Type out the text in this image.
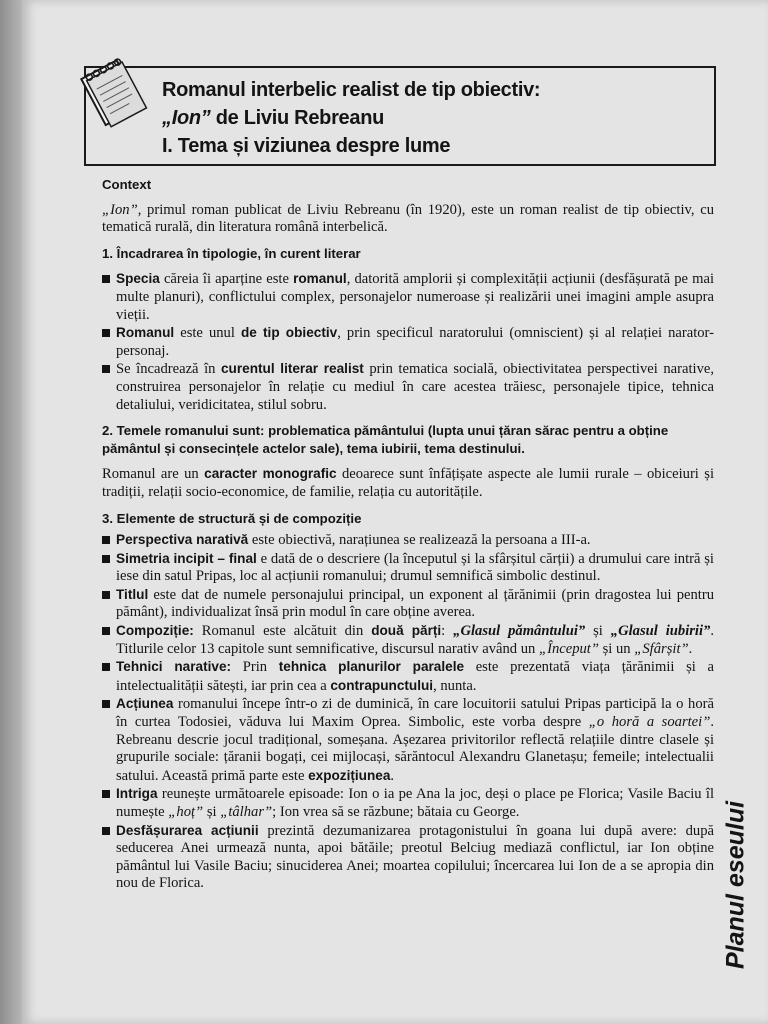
Romanul interbelic realist de tip obiectiv:
„Ion” de Liviu Rebreanu
I. Tema și viziunea despre lume
Context

„Ion”, primul roman publicat de Liviu Rebreanu (în 1920), este un roman realist de tip obiectiv, cu tematică rurală, din literatura română interbelică.

1. Încadrarea în tipologie, în curent literar
Specia căreia îi aparține este romanul, datorită amplorii și complexității acțiunii (desfășurată pe mai multe planuri), conflictului complex, personajelor numeroase și realizării unei imagini ample asupra vieții.
Romanul este unul de tip obiectiv, prin specificul naratorului (omniscient) și al relației narator-personaj.
Se încadrează în curentul literar realist prin tematica socială, obiectivitatea perspectivei narative, construirea personajelor în relație cu mediul în care acestea trăiesc, personajele tipice, tehnica detaliului, veridicitatea, stilul sobru.
2. Temele romanului sunt: problematica pământului (lupta unui țăran sărac pentru a obține pământul și consecințele actelor sale), tema iubirii, tema destinului.

Romanul are un caracter monografic deoarece sunt înfățișate aspecte ale lumii rurale – obiceiuri și tradiții, relații socio-economice, de familie, relația cu autoritățile.

3. Elemente de structură și de compoziție
Perspectiva narativă este obiectivă, narațiunea se realizează la persoana a III-a.
Simetria incipit – final e dată de o descriere (la începutul și la sfârșitul cărții) a drumului care intră și iese din satul Pripas, loc al acțiunii romanului; drumul semnifică simbolic destinul.
Titlul este dat de numele personajului principal, un exponent al țărănimii (prin dragostea lui pentru pământ), individualizat însă prin modul în care obține averea.
Compoziție: Romanul este alcătuit din două părți: „Glasul pământului” și „Glasul iubirii”. Titlurile celor 13 capitole sunt semnificative, discursul narativ având un „Început” și un „Sfârșit”.
Tehnici narative: Prin tehnica planurilor paralele este prezentată viața țărănimii și a intelectualității sătești, iar prin cea a contrapunctului, nunta.
Acțiunea romanului începe într-o zi de duminică, în care locuitorii satului Pripas participă la o horă în curtea Todosiei, văduva lui Maxim Oprea. Simbolic, este vorba despre „o horă a soartei”. Rebreanu descrie jocul tradițional, someșana. Așezarea privitorilor reflectă relațiile dintre clasele și grupurile sociale: țăranii bogați, cei mijlocași, sărăntocul Alexandru Glanetașu; femeile; intelectualii satului. Această primă parte este expozițiunea.
Intriga reunește următoarele episoade: Ion o ia pe Ana la joc, deși o place pe Florica; Vasile Baciu îl numește „hoț” și „tâlhar”; Ion vrea să se răzbune; bătaia cu George.
Desfășurarea acțiunii prezintă dezumanizarea protagonistului în goana lui după avere: după seducerea Anei urmează nunta, apoi bătăile; preotul Belciug mediază conflictul, iar Ion obține pământul lui Vasile Baciu; sinuciderea Anei; moartea copilului; încercarea lui Ion de a se apropia din nou de Florica.	Planul eseului
